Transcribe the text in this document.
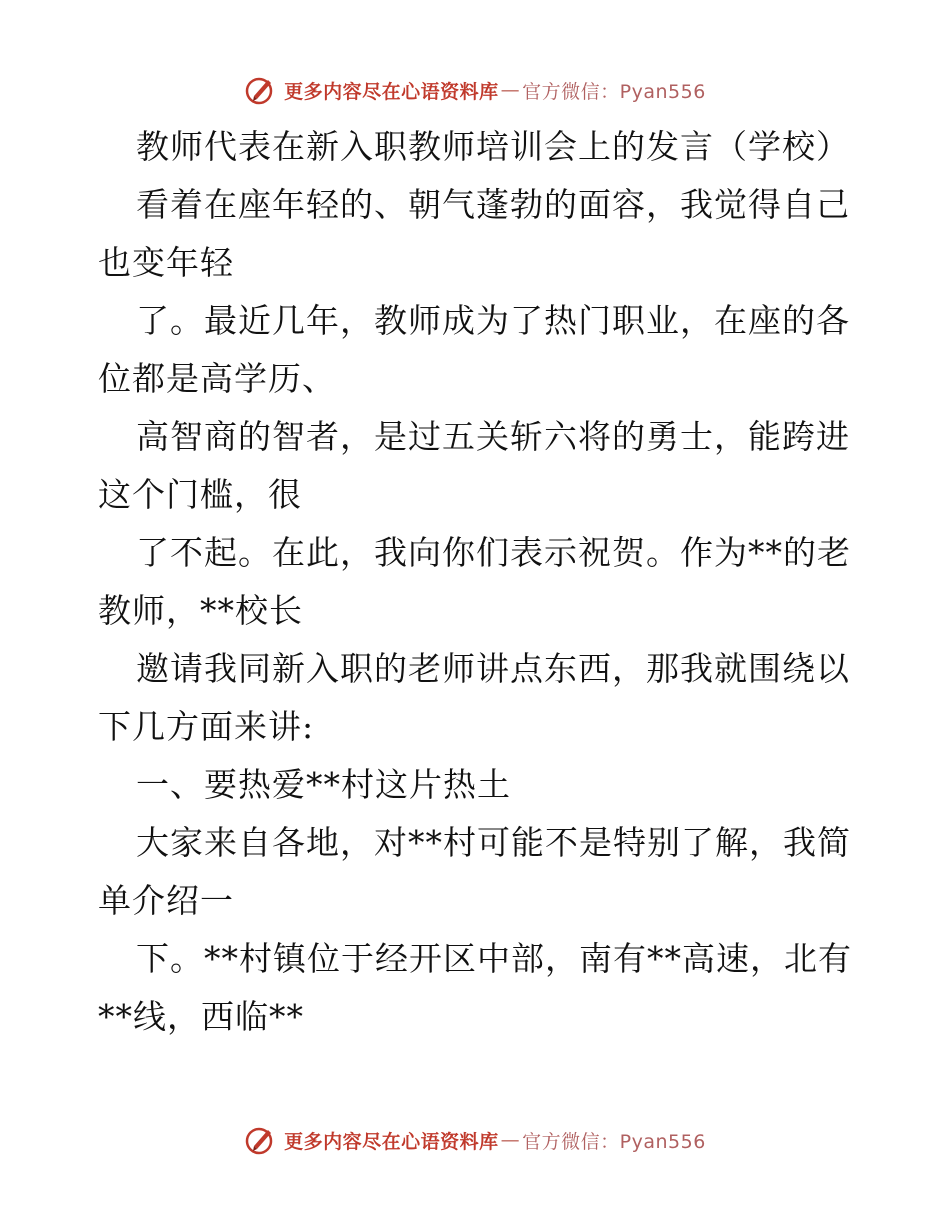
更多内容尽在心语资料库 — 官方微信：Pyan556
教师代表在新入职教师培训会上的发言（学校）
看着在座年轻的、朝气蓬勃的面容，我觉得自己
也变年轻
了。最近几年，教师成为了热门职业，在座的各
位都是高学历、
高智商的智者，是过五关斩六将的勇士，能跨进
这个门槛，很
了不起。在此，我向你们表示祝贺。作为**的老
教师，**校长
邀请我同新入职的老师讲点东西，那我就围绕以
下几方面来讲:
一、要热爱**村这片热土
大家来自各地，对**村可能不是特别了解，我简
单介绍一
下。**村镇位于经开区中部，南有**高速，北有
**线，西临**
更多内容尽在心语资料库 — 官方微信：Pyan556
